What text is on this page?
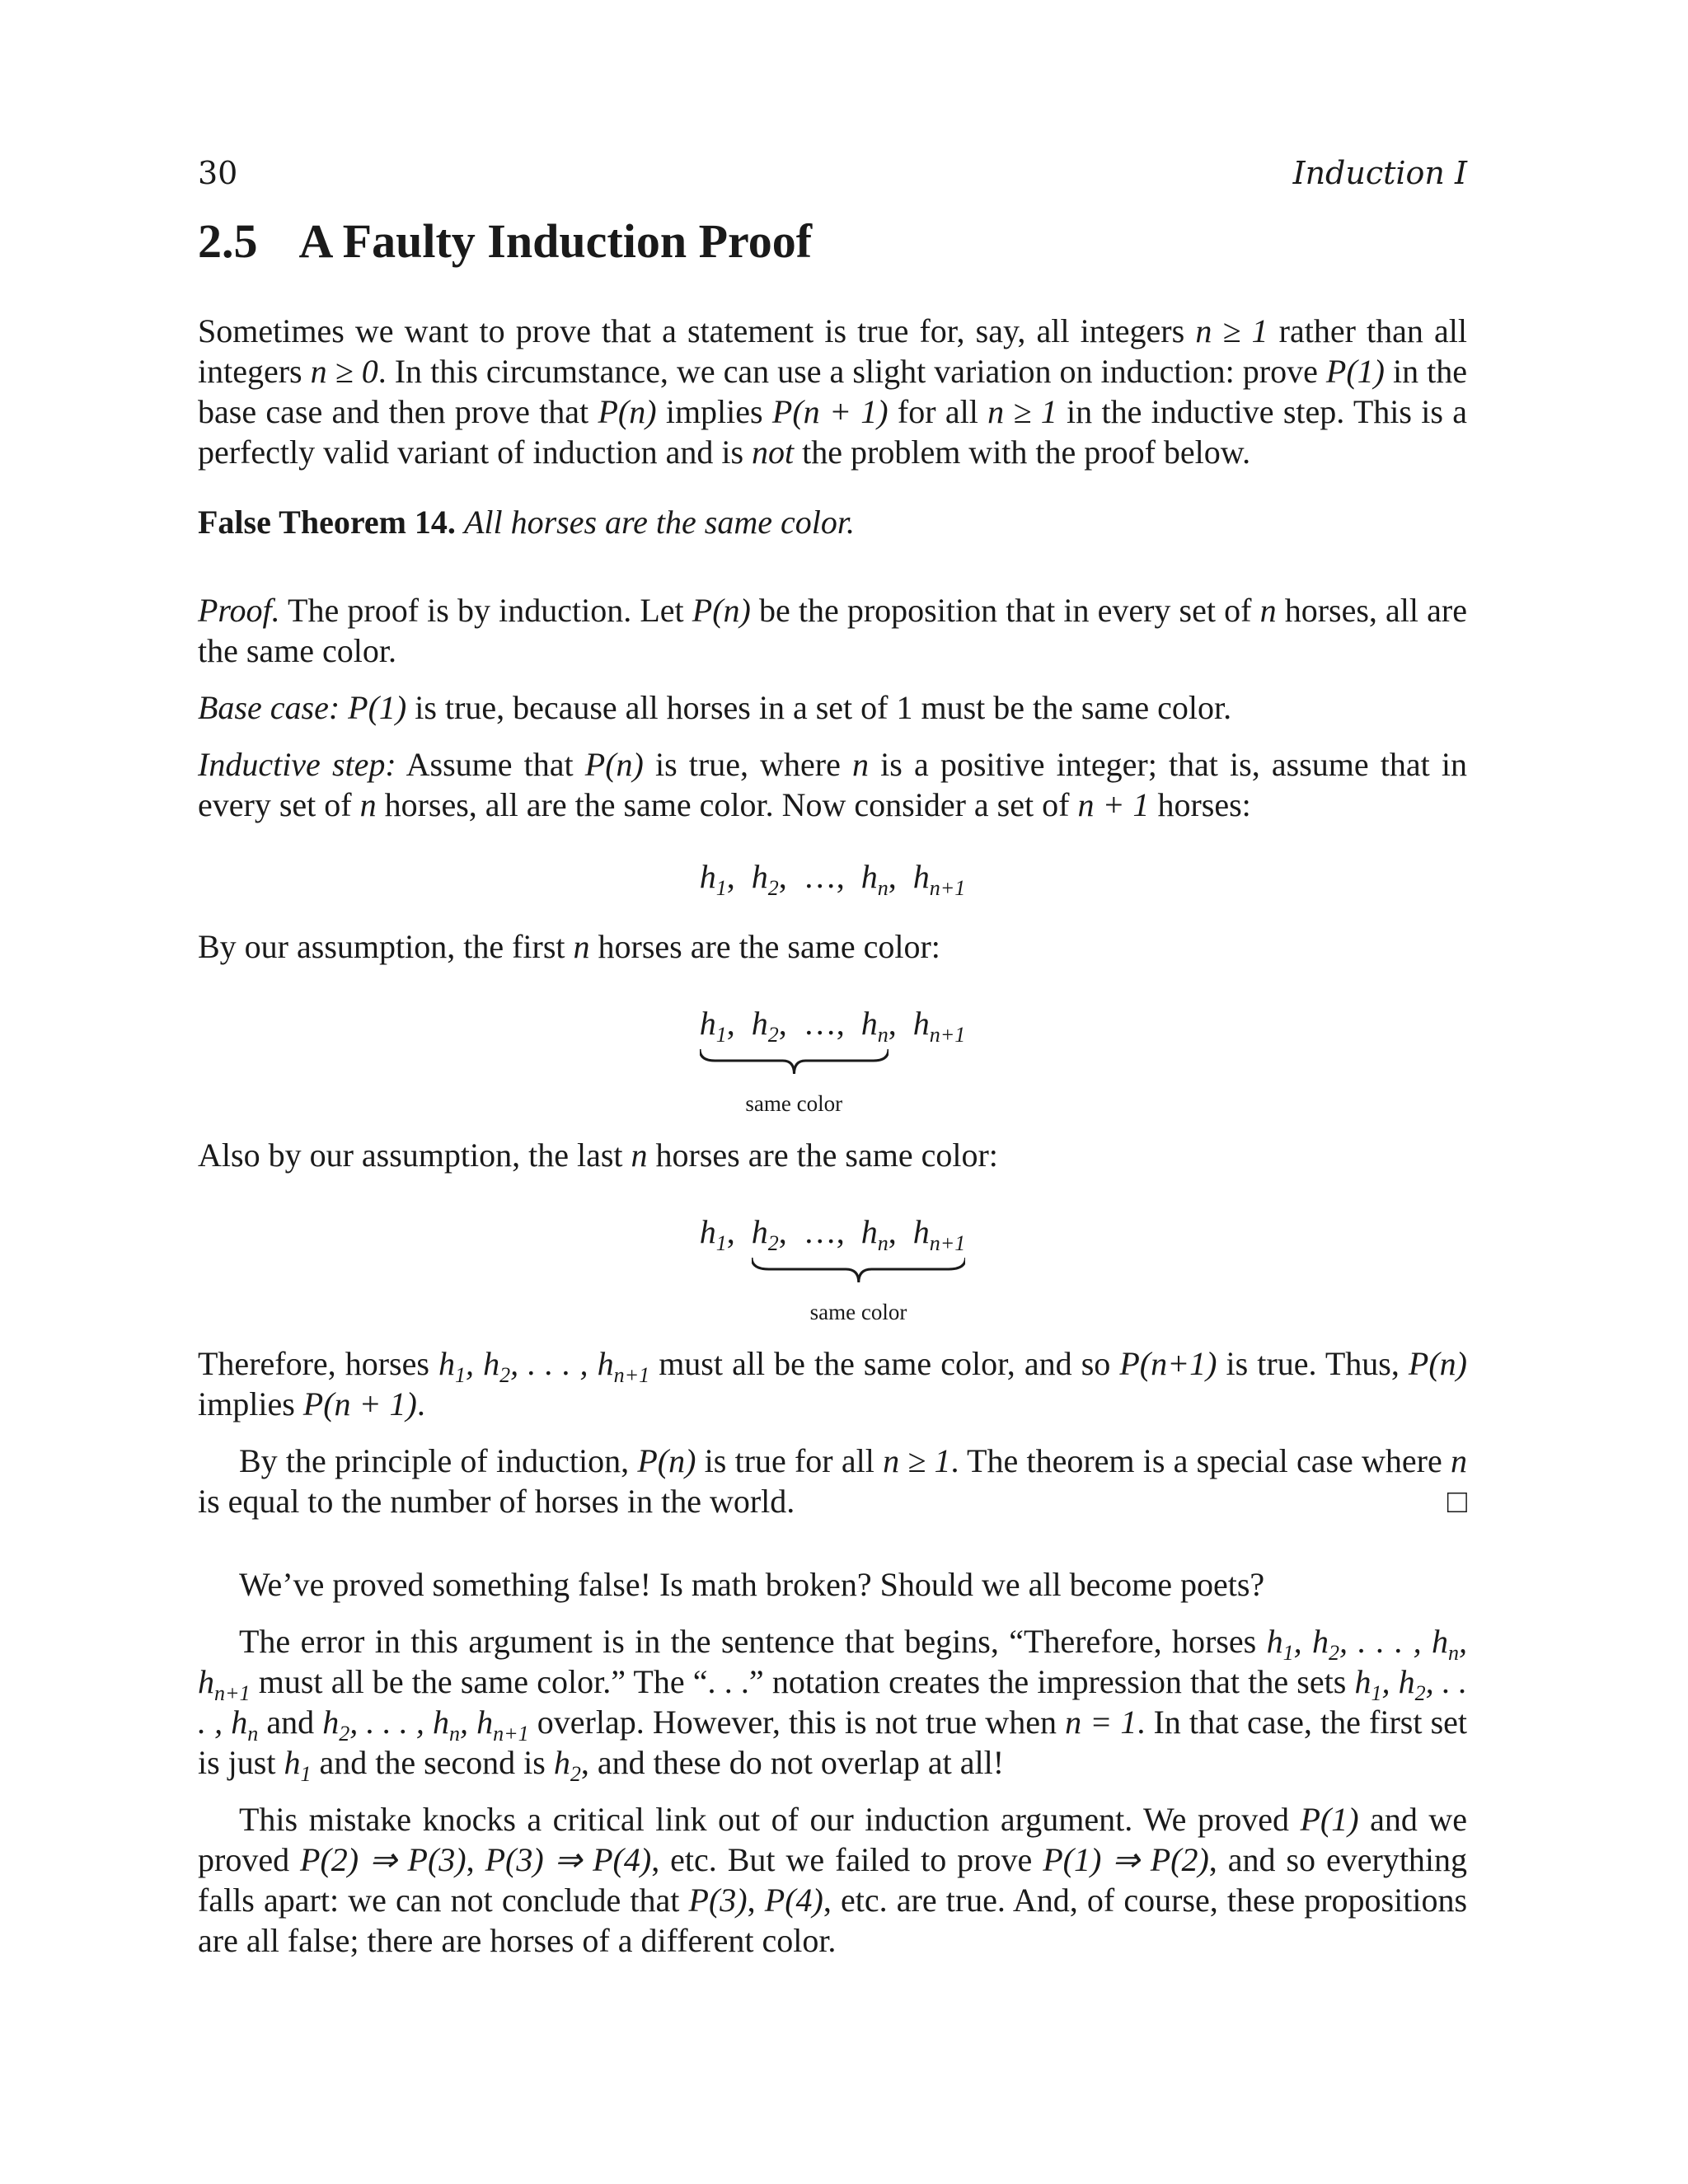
30	Induction I
2.5 A Faulty Induction Proof

Sometimes we want to prove that a statement is true for, say, all integers n ≥ 1 rather than all integers n ≥ 0. In this circumstance, we can use a slight variation on induction: prove P(1) in the base case and then prove that P(n) implies P(n + 1) for all n ≥ 1 in the inductive step. This is a perfectly valid variant of induction and is not the problem with the proof below.

False Theorem 14. All horses are the same color.

Proof. The proof is by induction. Let P(n) be the proposition that in every set of n horses, all are the same color.

Base case: P(1) is true, because all horses in a set of 1 must be the same color.

Inductive step: Assume that P(n) is true, where n is a positive integer; that is, assume that in every set of n horses, all are the same color. Now consider a set of n + 1 horses:

$h_1$,  $h_2$,  …,  $h_n$,  $h_{n+1}$

By our assumption, the first n horses are the same color:

$h_1$,  $h_2$,  …,  $h_n$
same color
,  $h_{n+1}$

Also by our assumption, the last n horses are the same color:

$h_1$,  $h_2$,  …,  $h_n$,  $h_{n+1}$
same color

Therefore, horses $h_1$, $h_2$, . . . , $h_{n+1}$ must all be the same color, and so P(n+1) is true. Thus, P(n) implies P(n + 1).

By the principle of induction, P(n) is true for all n ≥ 1. The theorem is a special case where n is equal to the number of horses in the world.	□

We’ve proved something false! Is math broken? Should we all become poets?

The error in this argument is in the sentence that begins, “Therefore, horses $h_1$, $h_2$, . . . , $h_n$, $h_{n+1}$ must all be the same color.” The “. . .” notation creates the impression that the sets $h_1$, $h_2$, . . . , $h_n$ and $h_2$, . . . , $h_n$, $h_{n+1}$ overlap. However, this is not true when n = 1. In that case, the first set is just $h_1$ and the second is $h_2$, and these do not overlap at all!

This mistake knocks a critical link out of our induction argument. We proved P(1) and we proved P(2) ⇒ P(3), P(3) ⇒ P(4), etc. But we failed to prove P(1) ⇒ P(2), and so everything falls apart: we can not conclude that P(3), P(4), etc. are true. And, of course, these propositions are all false; there are horses of a different color.
